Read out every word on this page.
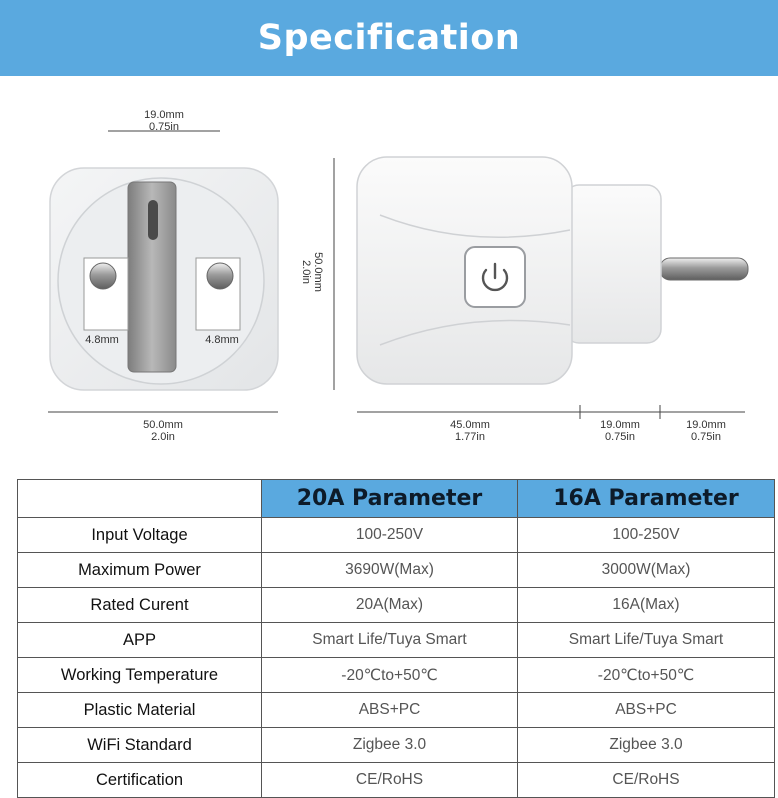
Specification
4.8mm	4.8mm
19.0mm
0.75in
50.0mm
2.0in
50.0mm
2.0in
45.0mm
1.77in
19.0mm
0.75in
19.0mm
0.75in
	20A Parameter	16A Parameter
Input Voltage	100-250V	100-250V
Maximum Power	3690W(Max)	3000W(Max)
Rated Curent	20A(Max)	16A(Max)
APP	Smart Life/Tuya Smart	Smart Life/Tuya Smart
Working Temperature	-20℃to+50℃	-20℃to+50℃
Plastic Material	ABS+PC	ABS+PC
WiFi Standard	Zigbee 3.0	Zigbee 3.0
Certification	CE/RoHS	CE/RoHS
